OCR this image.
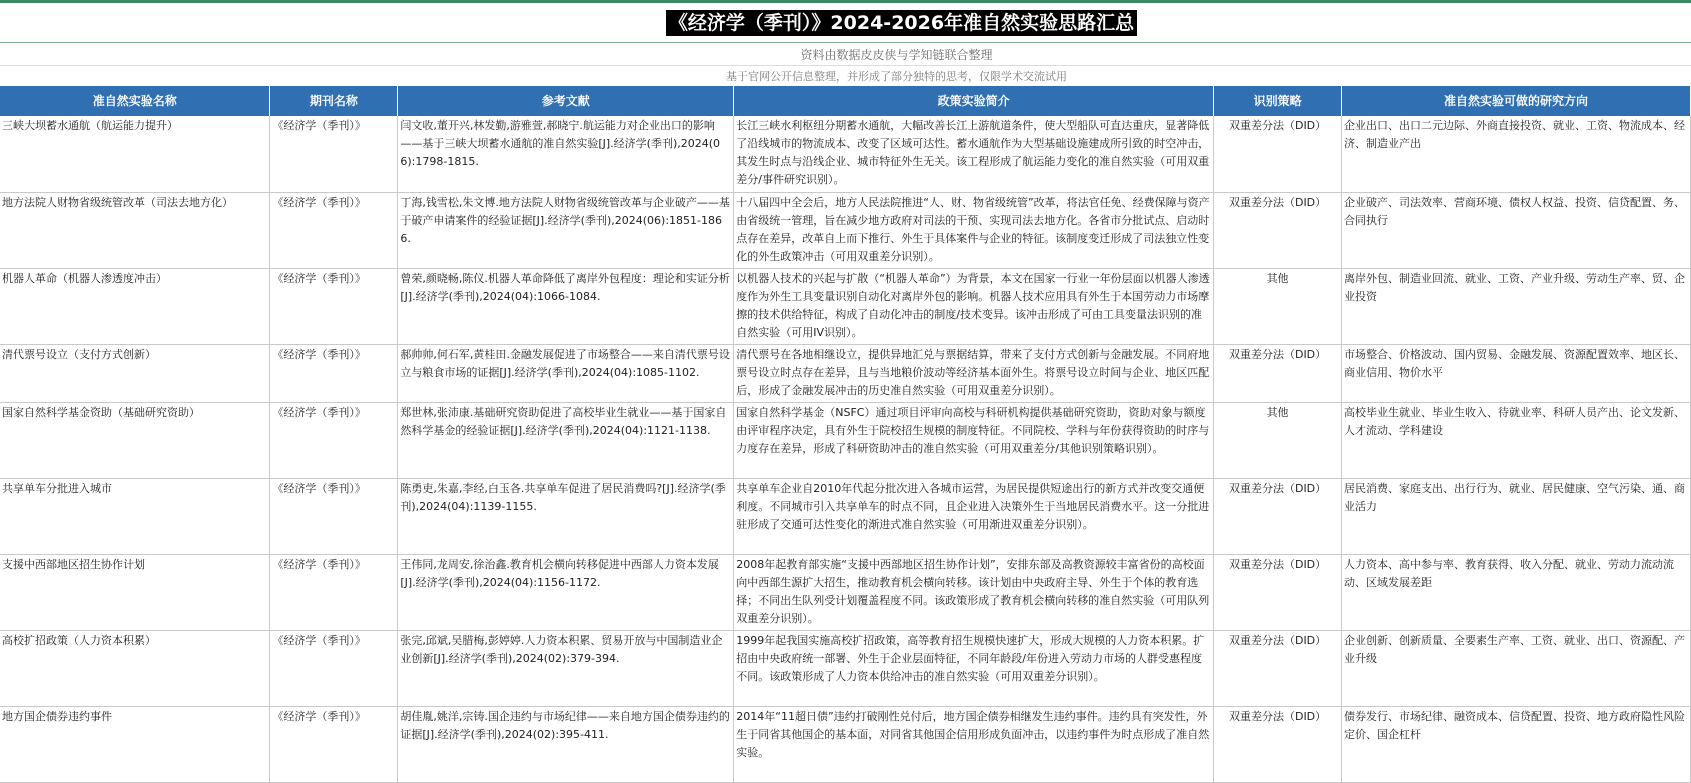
《经济学（季刊）》2024-2026年准自然实验思路汇总
资料由数据皮皮侠与学知链联合整理
基于官网公开信息整理，并形成了部分独特的思考，仅限学术交流试用
准自然实验名称	期刊名称	参考文献	政策实验简介	识别策略	准自然实验可做的研究方向
三峡大坝蓄水通航（航运能力提升）	《经济学（季刊）》	闫文收,董开兴,林发勤,游雅萱,郝晓宁.航运能力对企业出口的影响——基于三峡大坝蓄水通航的准自然实验[J].经济学(季刊),2024(06):1798-1815.	长江三峡水利枢纽分期蓄水通航，大幅改善长江上游航道条件，使大型船队可直达重庆，显著降低了沿线城市的物流成本、改变了区域可达性。蓄水通航作为大型基础设施建成所引致的时空冲击，其发生时点与沿线企业、城市特征外生无关。该工程形成了航运能力变化的准自然实验（可用双重差分/事件研究识别）。	双重差分法（DID）	企业出口、出口二元边际、外商直接投资、就业、工资、物流成本、经济、制造业产出
地方法院人财物省级统管改革（司法去地方化）	《经济学（季刊）》	丁海,钱雪松,朱文博.地方法院人财物省级统管改革与企业破产——基于破产申请案件的经验证据[J].经济学(季刊),2024(06):1851-1866.	十八届四中全会后，地方人民法院推进“人、财、物省级统管”改革，将法官任免、经费保障与资产由省级统一管理，旨在减少地方政府对司法的干预、实现司法去地方化。各省市分批试点、启动时点存在差异，改革自上而下推行、外生于具体案件与企业的特征。该制度变迁形成了司法独立性变化的外生政策冲击（可用双重差分识别）。	双重差分法（DID）	企业破产、司法效率、营商环境、债权人权益、投资、信贷配置、务、合同执行
机器人革命（机器人渗透度冲击）	《经济学（季刊）》	曾荣,颜晓畅,陈仪.机器人革命降低了离岸外包程度：理论和实证分析[J].经济学(季刊),2024(04):1066-1084.	以机器人技术的兴起与扩散（“机器人革命”）为背景，本文在国家一行业一年份层面以机器人渗透度作为外生工具变量识别自动化对离岸外包的影响。机器人技术应用具有外生于本国劳动力市场摩擦的技术供给特征，构成了自动化冲击的制度/技术变异。该冲击形成了可由工具变量法识别的准自然实验（可用IV识别）。	其他	离岸外包、制造业回流、就业、工资、产业升级、劳动生产率、贸、企业投资
清代票号设立（支付方式创新）	《经济学（季刊）》	郝帅帅,何石军,黄桂田.金融发展促进了市场整合——来自清代票号设立与粮食市场的证据[J].经济学(季刊),2024(04):1085-1102.	清代票号在各地相继设立，提供异地汇兑与票据结算，带来了支付方式创新与金融发展。不同府地票号设立时点存在差异，且与当地粮价波动等经济基本面外生。将票号设立时间与企业、地区匹配后，形成了金融发展冲击的历史准自然实验（可用双重差分识别）。	双重差分法（DID）	市场整合、价格波动、国内贸易、金融发展、资源配置效率、地区长、商业信用、物价水平
国家自然科学基金资助（基础研究资助）	《经济学（季刊）》	郑世林,张沛康.基础研究资助促进了高校毕业生就业——基于国家自然科学基金的经验证据[J].经济学(季刊),2024(04):1121-1138.	国家自然科学基金（NSFC）通过项目评审向高校与科研机构提供基础研究资助，资助对象与额度由评审程序决定，具有外生于院校招生规模的制度特征。不同院校、学科与年份获得资助的时序与力度存在差异，形成了科研资助冲击的准自然实验（可用双重差分/其他识别策略识别）。	其他	高校毕业生就业、毕业生收入、待就业率、科研人员产出、论文发新、人才流动、学科建设
共享单车分批进入城市	《经济学（季刊）》	陈勇吏,朱嘉,李经,白玉各.共享单车促进了居民消费吗?[J].经济学(季刊),2024(04):1139-1155.	共享单车企业自2010年代起分批次进入各城市运营，为居民提供短途出行的新方式并改变交通便利度。不同城市引入共享单车的时点不同，且企业进入决策外生于当地居民消费水平。这一分批进驻形成了交通可达性变化的渐进式准自然实验（可用渐进双重差分识别）。	双重差分法（DID）	居民消费、家庭支出、出行行为、就业、居民健康、空气污染、通、商业活力
支援中西部地区招生协作计划	《经济学（季刊）》	王伟同,龙周安,徐治鑫.教育机会横向转移促进中西部人力资本发展[J].经济学(季刊),2024(04):1156-1172.	2008年起教育部实施“支援中西部地区招生协作计划”，安排东部及高教资源较丰富省份的高校面向中西部生源扩大招生，推动教育机会横向转移。该计划由中央政府主导、外生于个体的教育选择；不同出生队列受计划覆盖程度不同。该政策形成了教育机会横向转移的准自然实验（可用队列双重差分识别）。	双重差分法（DID）	人力资本、高中参与率、教育获得、收入分配、就业、劳动力流动流动、区域发展差距
高校扩招政策（人力资本积累）	《经济学（季刊）》	张完,邱斌,吴腊梅,彭婷婷.人力资本积累、贸易开放与中国制造业企业创新[J].经济学(季刊),2024(02):379-394.	1999年起我国实施高校扩招政策，高等教育招生规模快速扩大，形成大规模的人力资本积累。扩招由中央政府统一部署、外生于企业层面特征，不同年龄段/年份进入劳动力市场的人群受惠程度不同。该政策形成了人力资本供给冲击的准自然实验（可用双重差分识别）。	双重差分法（DID）	企业创新、创新质量、全要素生产率、工资、就业、出口、资源配、产业升级
地方国企债券违约事件	《经济学（季刊）》	胡佳胤,姚洋,宗铸.国企违约与市场纪律——来自地方国企债券违约的证据[J].经济学(季刊),2024(02):395-411.	2014年“11超日债”违约打破刚性兑付后，地方国企债券相继发生违约事件。违约具有突发性，外生于同省其他国企的基本面，对同省其他国企信用形成负面冲击，以违约事件为时点形成了准自然实验。	双重差分法（DID）	债券发行、市场纪律、融资成本、信贷配置、投资、地方政府隐性风险定价、国企杠杆
